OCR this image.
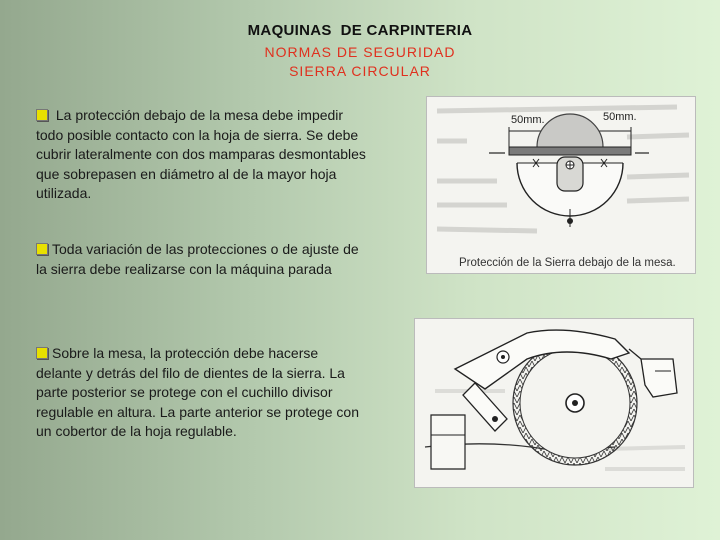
MAQUINAS  DE CARPINTERIA
NORMAS DE SEGURIDAD
SIERRA CIRCULAR
La protección debajo de la mesa debe impedir todo posible contacto con la hoja de sierra. Se debe cubrir lateralmente con dos mamparas desmontables que sobrepasen en diámetro al de la mayor hoja utilizada.
Toda variación de las protecciones o de ajuste de la sierra debe realizarse con la máquina parada
Sobre la mesa, la protección debe hacerse delante y detrás del filo de dientes de la sierra. La parte posterior se protege con el cuchillo divisor regulable en altura. La parte anterior se protege con un cobertor de la hoja regulable.
50mm.	50mm.
Protección de la Sierra debajo de la mesa.
